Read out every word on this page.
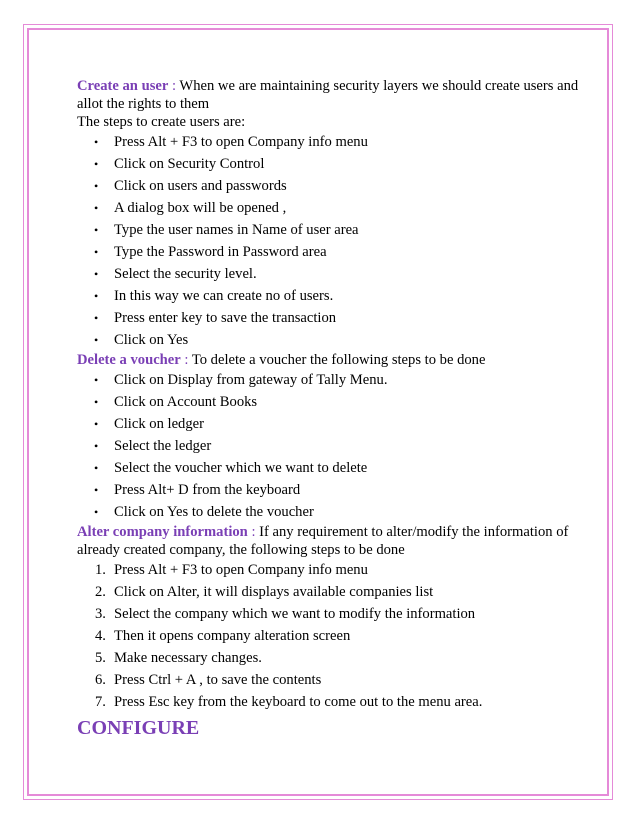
Create an user : When we are maintaining security layers we should create users and allot the rights to them

The steps to create users are:

• Press Alt + F3 to open Company info menu
• Click on Security Control
• Click on users and passwords
• A dialog box will be opened ,
• Type the user names in Name of user area
• Type the Password in Password area
• Select the security level.
• In this way we can create no of users.
• Press enter key to save the transaction
• Click on Yes

Delete a voucher : To delete a voucher the following steps to be done

• Click on Display from gateway of Tally Menu.
• Click on Account Books
• Click on ledger
• Select the ledger
• Select the voucher which we want to delete
• Press Alt+ D from the keyboard
• Click on Yes to delete the voucher

Alter company information : If any requirement to alter/modify the information of already created company, the following steps to be done

1. Press Alt + F3 to open Company info menu
2. Click on Alter, it will displays available companies list
3. Select the company which we want to modify the information
4. Then it opens company alteration screen
5. Make necessary changes.
6. Press Ctrl + A , to save the contents
7. Press Esc key from the keyboard to come out to the menu area.
CONFIGURE
